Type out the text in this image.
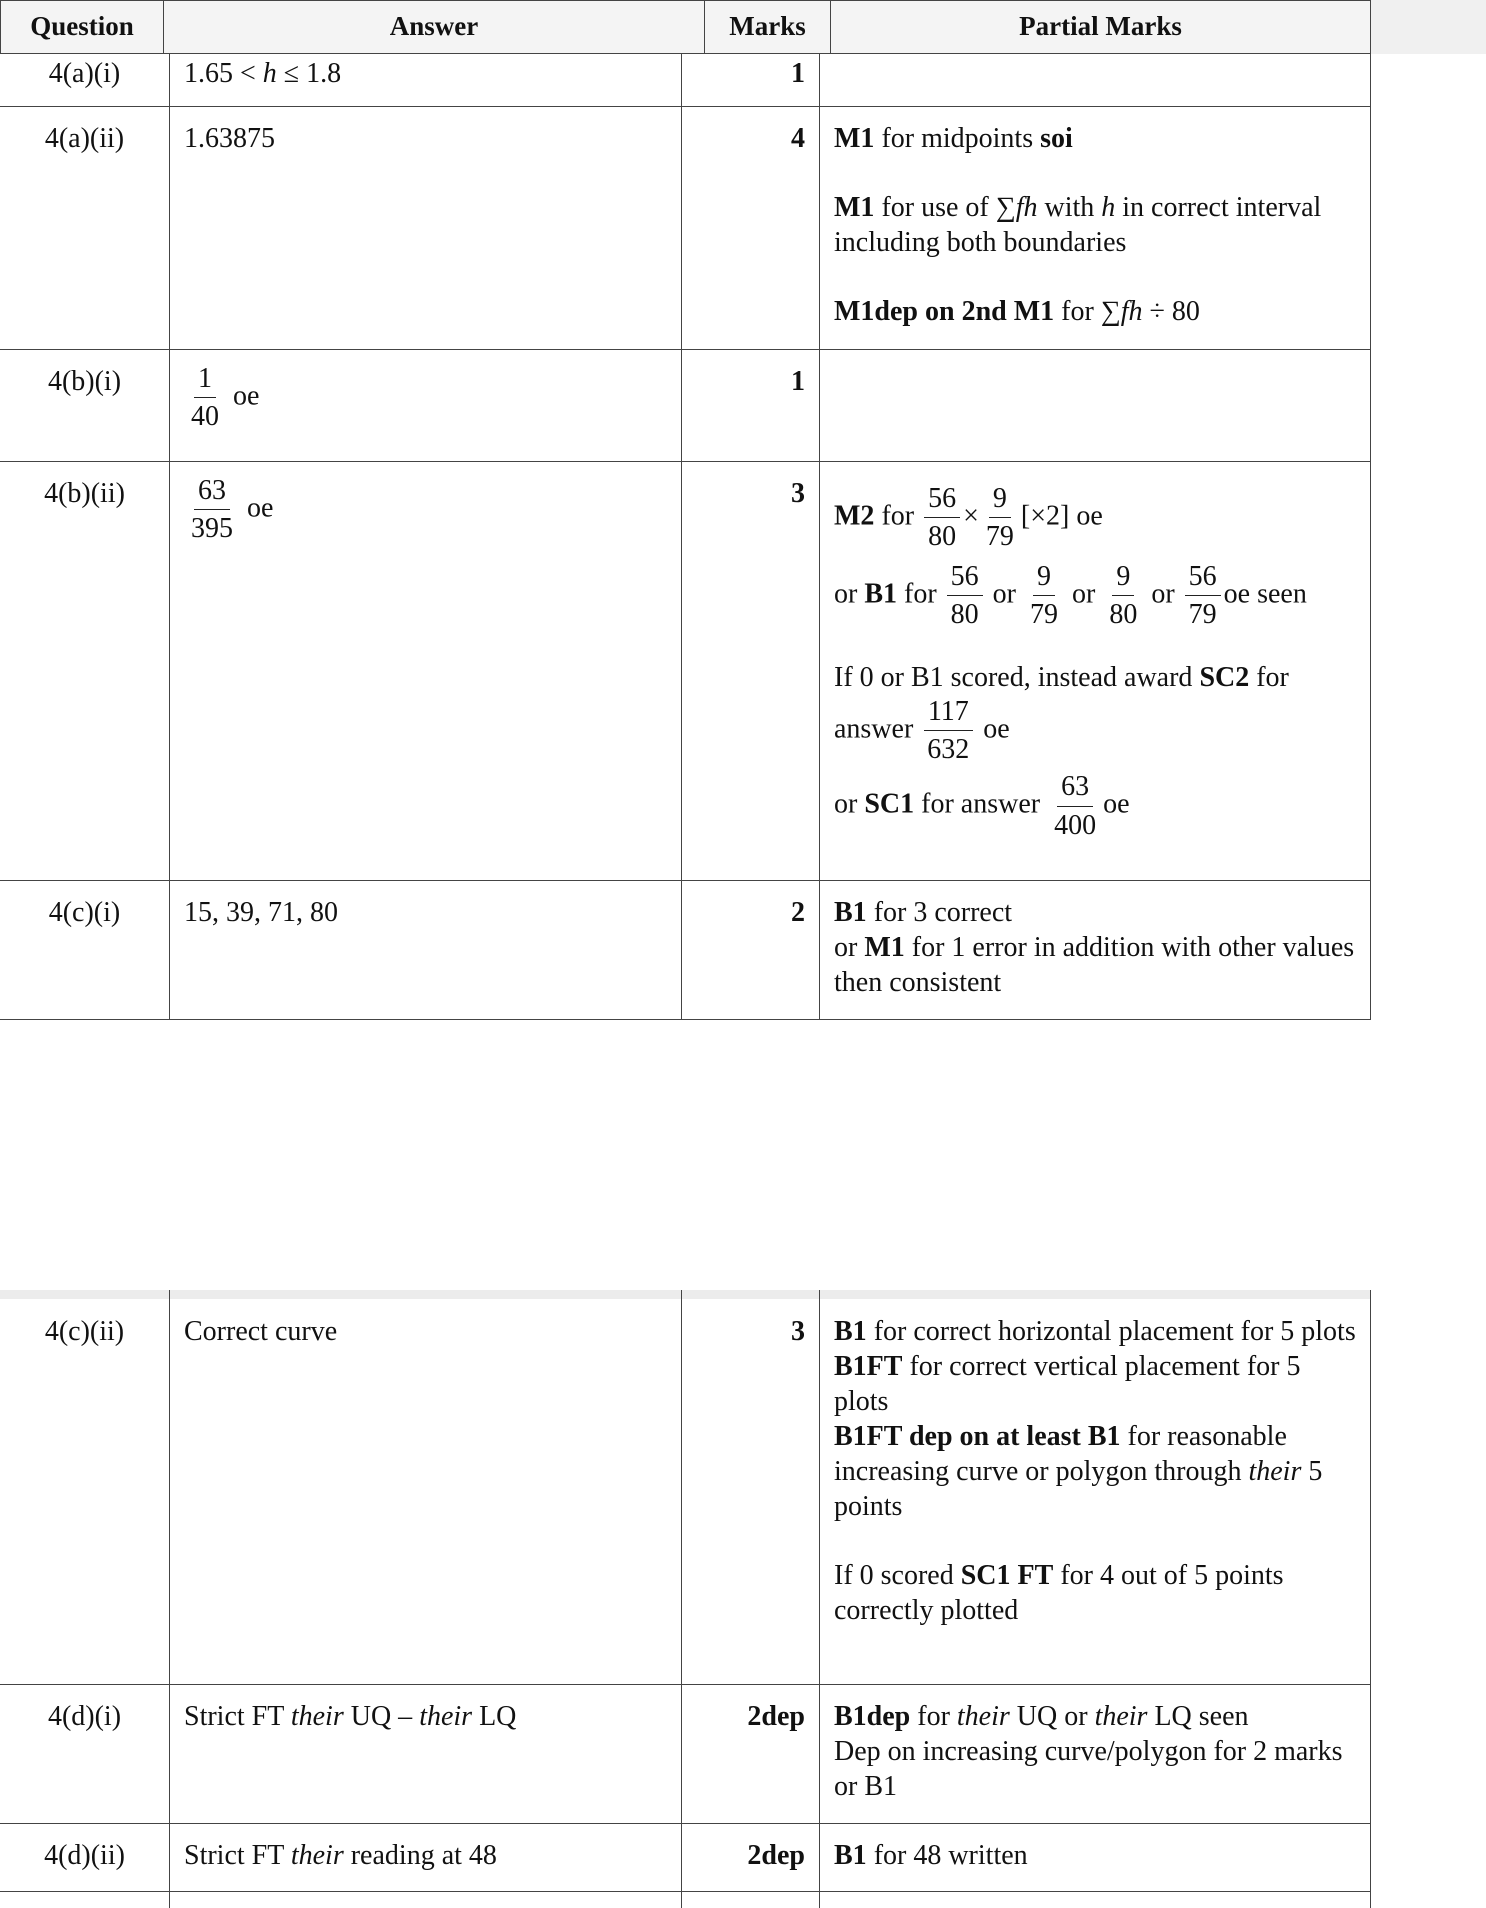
Question	Answer	Marks	Partial Marks
4(a)(i)	1.65 < h ≤ 1.8	1
4(a)(ii)	1.63875	4	M1 for midpoints soi

M1 for use of ∑fh with h in correct interval including both boundaries

M1dep on 2nd M1 for ∑fh ÷ 80

4(b)(i)	$\frac{1}{40}$ oe	1
4(b)(ii)	$\frac{63}{395}$ oe	3

M2 for $\frac{56}{80} \times \frac{9}{79} [\times 2]$ oe

or B1 for $\frac{56}{80}$ or $\frac{9}{79}$ or $\frac{9}{80}$ or $\frac{56}{79}$ oe seen

If 0 or B1 scored, instead award SC2 for

answer $\frac{117}{632}$ oe

or SC1 for answer $\frac{63}{400}$ oe

4(c)(i)	15, 39, 71, 80	2	B1 for 3 correct

or M1 for 1 error in addition with other values then consistent

4(c)(ii)	Correct curve	3	B1 for correct horizontal placement for 5 plots

B1FT for correct vertical placement for 5 plots

B1FT dep on at least B1 for reasonable increasing curve or polygon through their 5 points

If 0 scored SC1 FT for 4 out of 5 points correctly plotted

4(d)(i)	Strict FT their UQ – their LQ	2dep	B1dep for their UQ or their LQ seen

Dep on increasing curve/polygon for 2 marks or B1

4(d)(ii)	Strict FT their reading at 48	2dep	B1 for 48 written
